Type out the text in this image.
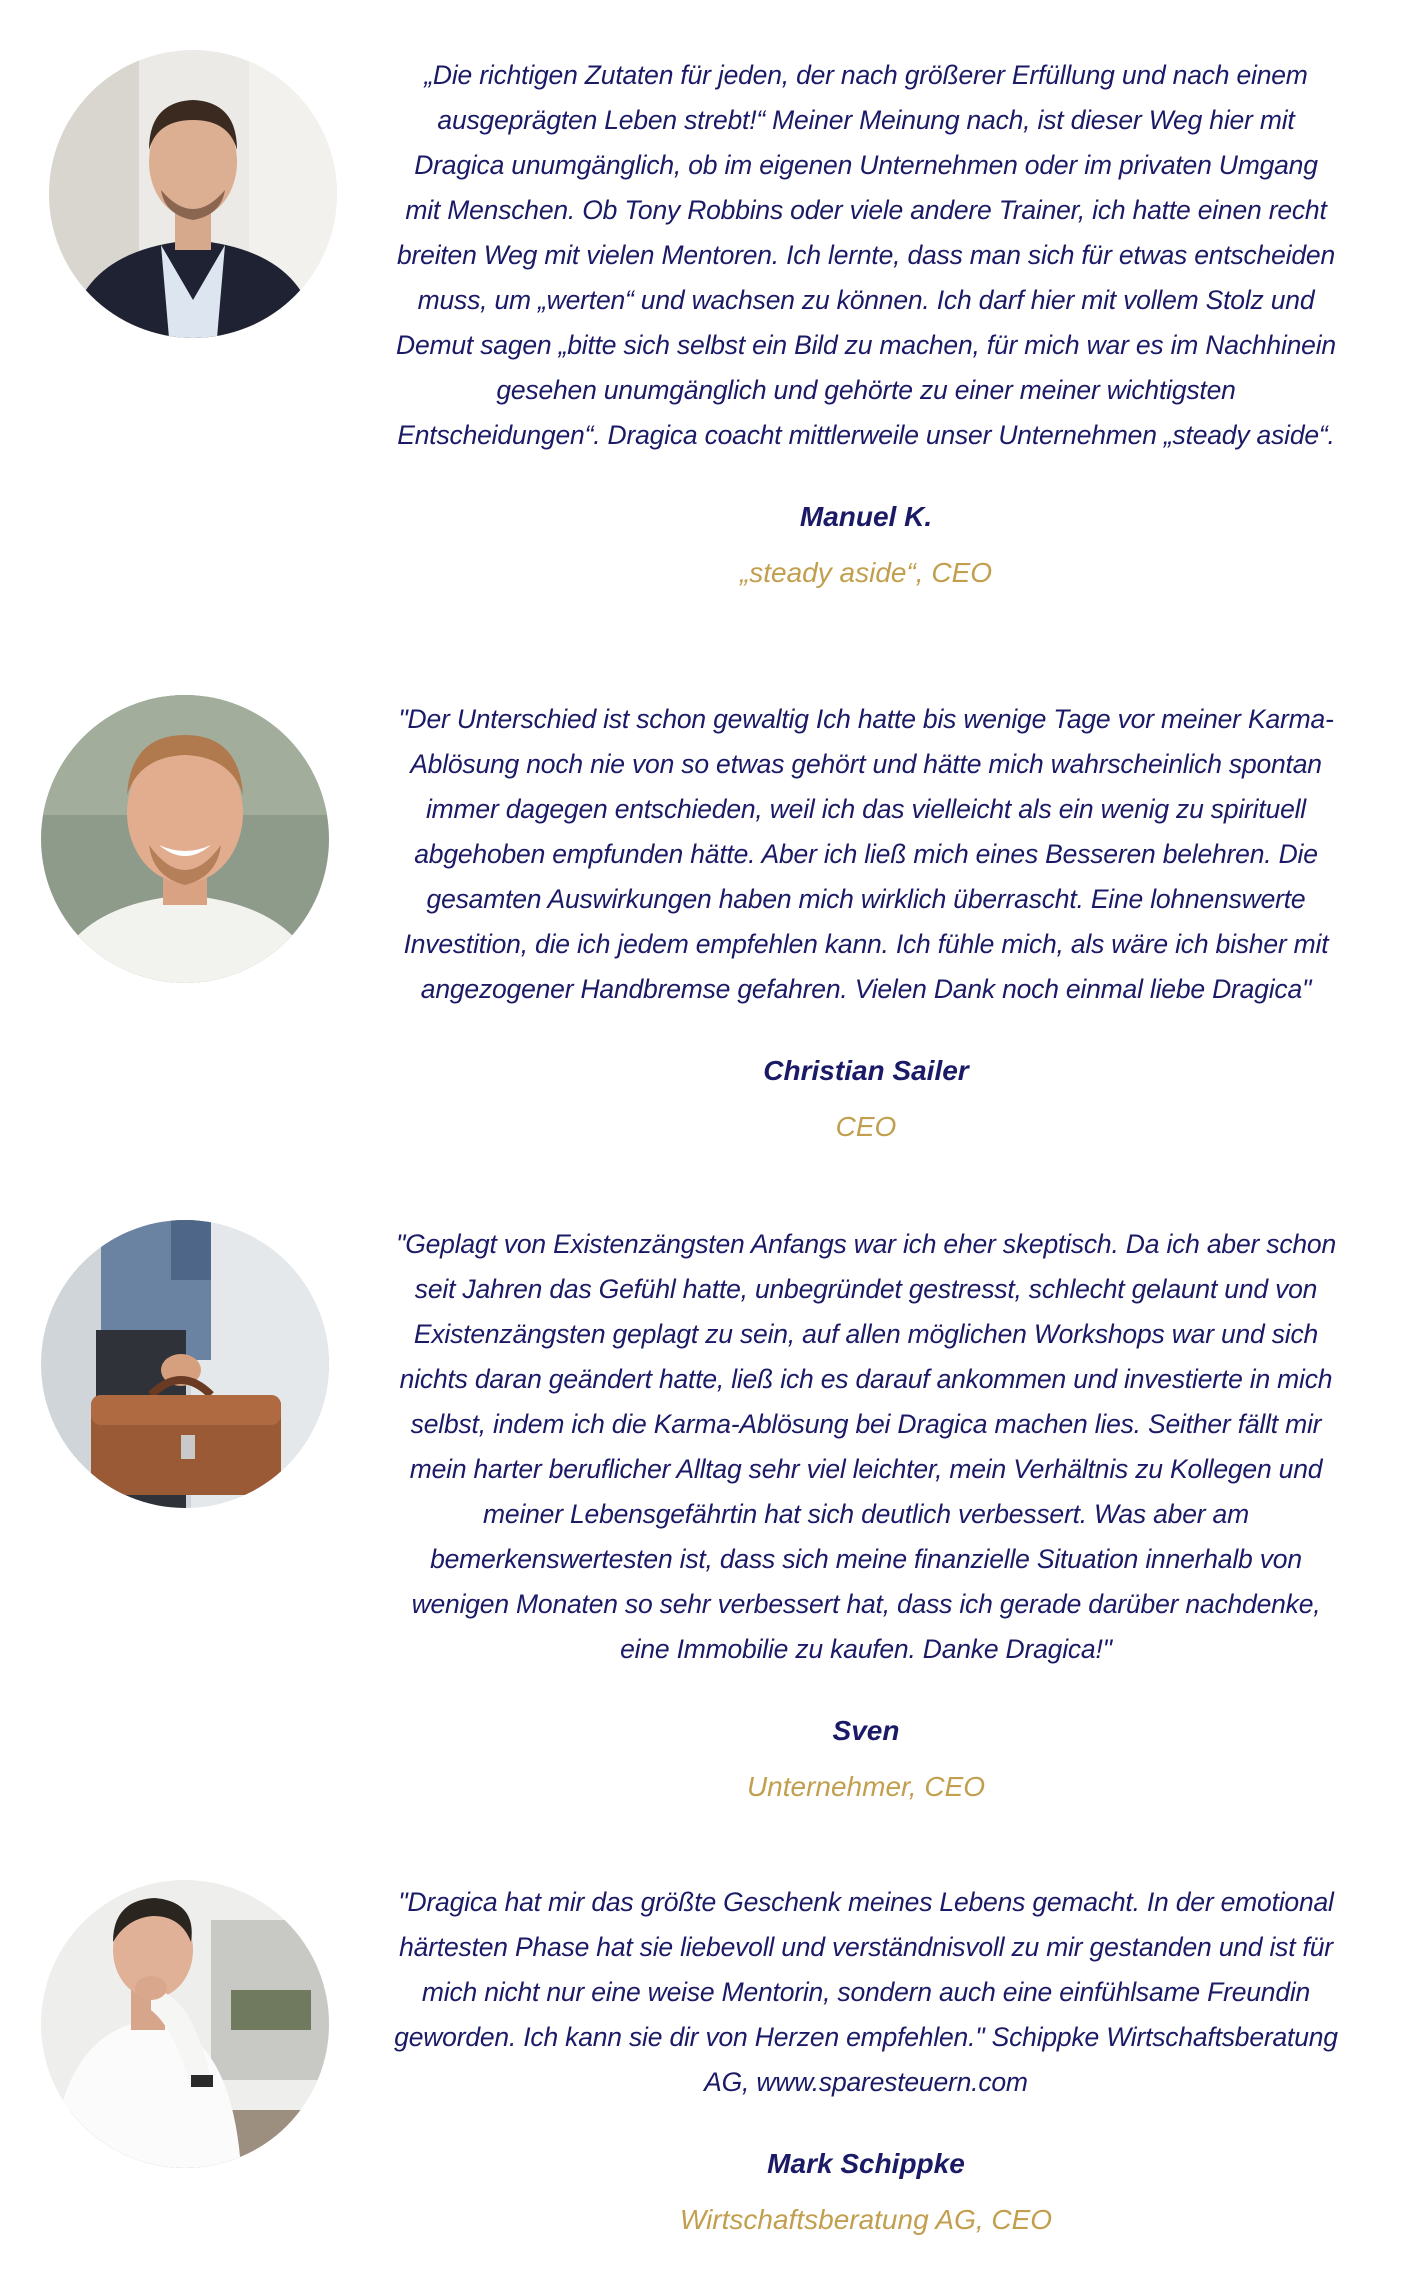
„Die richtigen Zutaten für jeden, der nach größerer Erfüllung und nach einem
ausgeprägten Leben strebt!“ Meiner Meinung nach, ist dieser Weg hier mit
Dragica unumgänglich, ob im eigenen Unternehmen oder im privaten Umgang
mit Menschen. Ob Tony Robbins oder viele andere Trainer, ich hatte einen recht
breiten Weg mit vielen Mentoren. Ich lernte, dass man sich für etwas entscheiden
muss, um „werten“ und wachsen zu können. Ich darf hier mit vollem Stolz und
Demut sagen „bitte sich selbst ein Bild zu machen, für mich war es im Nachhinein
gesehen unumgänglich und gehörte zu einer meiner wichtigsten
Entscheidungen“. Dragica coacht mittlerweile unser Unternehmen „steady aside“.

Manuel K.

„steady aside“, CEO

"Der Unterschied ist schon gewaltig Ich hatte bis wenige Tage vor meiner Karma-
Ablösung noch nie von so etwas gehört und hätte mich wahrscheinlich spontan
immer dagegen entschieden, weil ich das vielleicht als ein wenig zu spirituell
abgehoben empfunden hätte. Aber ich ließ mich eines Besseren belehren. Die
gesamten Auswirkungen haben mich wirklich überrascht. Eine lohnenswerte
Investition, die ich jedem empfehlen kann. Ich fühle mich, als wäre ich bisher mit
angezogener Handbremse gefahren. Vielen Dank noch einmal liebe Dragica"

Christian Sailer

CEO

"Geplagt von Existenzängsten Anfangs war ich eher skeptisch. Da ich aber schon
seit Jahren das Gefühl hatte, unbegründet gestresst, schlecht gelaunt und von
Existenzängsten geplagt zu sein, auf allen möglichen Workshops war und sich
nichts daran geändert hatte, ließ ich es darauf ankommen und investierte in mich
selbst, indem ich die Karma-Ablösung bei Dragica machen lies. Seither fällt mir
mein harter beruflicher Alltag sehr viel leichter, mein Verhältnis zu Kollegen und
meiner Lebensgefährtin hat sich deutlich verbessert. Was aber am
bemerkenswertesten ist, dass sich meine finanzielle Situation innerhalb von
wenigen Monaten so sehr verbessert hat, dass ich gerade darüber nachdenke,
eine Immobilie zu kaufen. Danke Dragica!"

Sven

Unternehmer, CEO

"Dragica hat mir das größte Geschenk meines Lebens gemacht. In der emotional
härtesten Phase hat sie liebevoll und verständnisvoll zu mir gestanden und ist für
mich nicht nur eine weise Mentorin, sondern auch eine einfühlsame Freundin
geworden. Ich kann sie dir von Herzen empfehlen." Schippke Wirtschaftsberatung
AG, www.sparesteuern.com

Mark Schippke

Wirtschaftsberatung AG, CEO
